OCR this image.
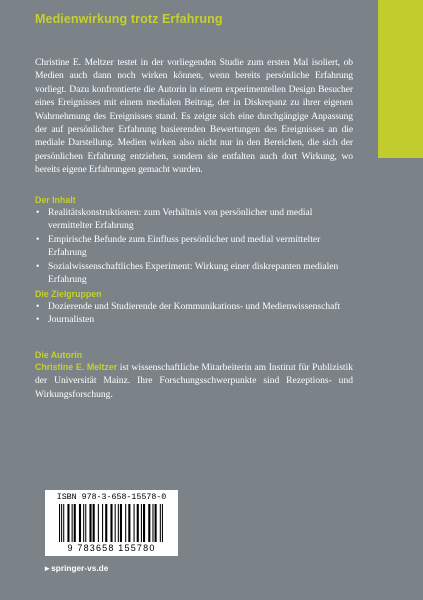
Medienwirkung trotz Erfahrung
Christine E. Meltzer testet in der vorliegenden Studie zum ersten Mal isoliert, ob Medien auch dann noch wirken können, wenn bereits persönliche Erfahrung vorliegt. Dazu konfrontierte die Autorin in einem experimentellen Design Besucher eines Ereignisses mit einem medialen Beitrag, der in Diskrepanz zu ihrer eigenen Wahrnehmung des Ereignisses stand. Es zeigte sich eine durchgängige Anpassung der auf persönlicher Erfahrung basierenden Bewertungen des Ereignisses an die mediale Darstellung. Medien wirken also nicht nur in den Bereichen, die sich der persönlichen Erfahrung entziehen, sondern sie entfalten auch dort Wirkung, wo bereits eigene Erfahrungen gemacht wurden.
Der Inhalt
• Realitätskonstruktionen: zum Verhältnis von persönlicher und medial vermittelter Erfahrung
• Empirische Befunde zum Einfluss persönlicher und medial vermittelter Erfahrung
• Sozialwissenschaftliches Experiment: Wirkung einer diskrepanten medialen Erfahrung
Die Zielgruppen
• Dozierende und Studierende der Kommunikations- und Medienwissenschaft
• Journalisten
Die Autorin
Christine E. Meltzer ist wissenschaftliche Mitarbeiterin am Institut für Publizistik der Universität Mainz. Ihre Forschungsschwerpunkte sind Rezeptions- und Wirkungsforschung.
ISBN 978-3-658-15578-0
9 783658 155780
▸ springer-vs.de
